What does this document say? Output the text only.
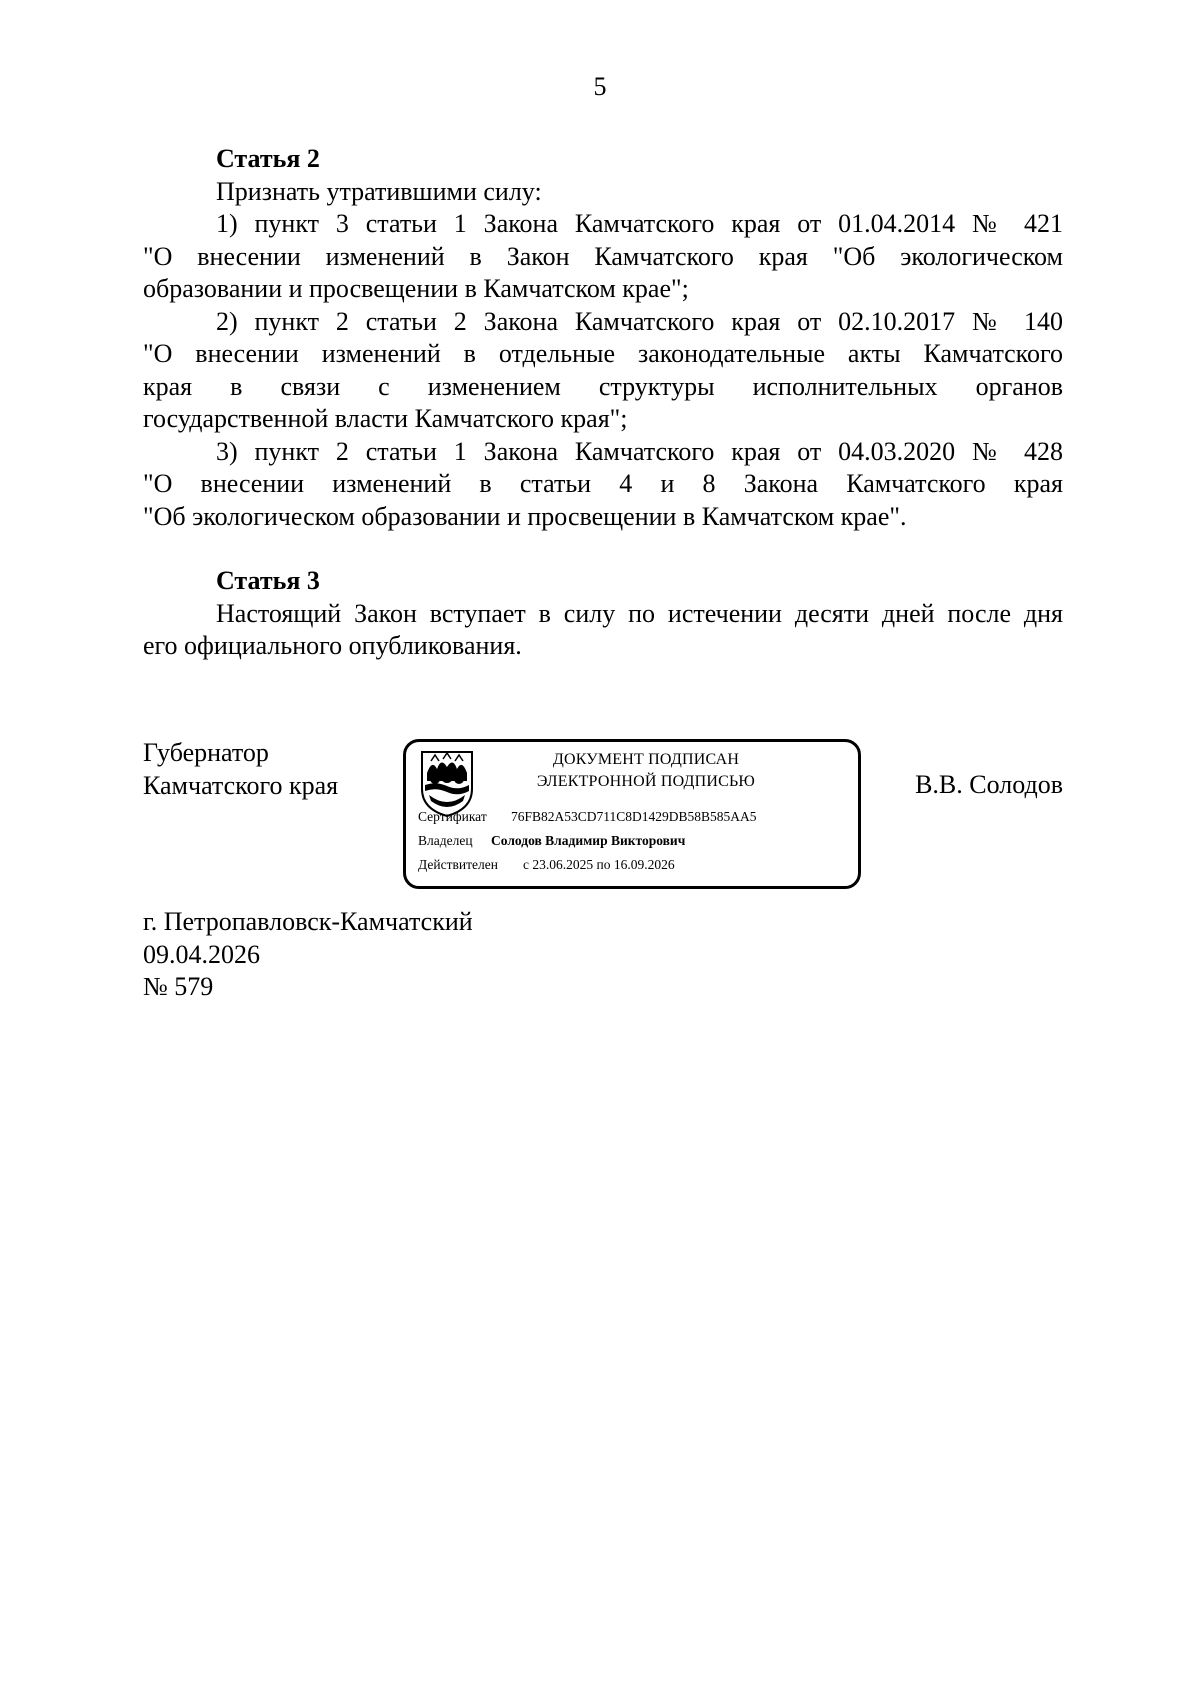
5
Статья 2

Признать утратившими силу:

1) пункт 3 статьи 1 Закона Камчатского края от 01.04.2014 № 421

"О внесении изменений в Закон Камчатского края "Об экологическом

образовании и просвещении в Камчатском крае";

2) пункт 2 статьи 2 Закона Камчатского края от 02.10.2017 № 140

"О внесении изменений в отдельные законодательные акты Камчатского

края в связи с изменением структуры исполнительных органов

государственной власти Камчатского края";

3) пункт 2 статьи 1 Закона Камчатского края от 04.03.2020 № 428

"О внесении изменений в статьи 4 и 8 Закона Камчатского края

"Об экологическом образовании и просвещении в Камчатском крае".

Статья 3

Настоящий Закон вступает в силу по истечении десяти дней после дня

его официального опубликования.

Губернатор
Камчатского края
ДОКУМЕНТ ПОДПИСАН
ЭЛЕКТРОННОЙ ПОДПИСЬЮ
Сертификат 76FB82A53CD711C8D1429DB58B585AA5
Владелец Солодов Владимир Викторович
Действителен с 23.06.2025 по 16.09.2026
В.В. Солодов
г. Петропавловск-Камчатский
09.04.2026
№ 579
